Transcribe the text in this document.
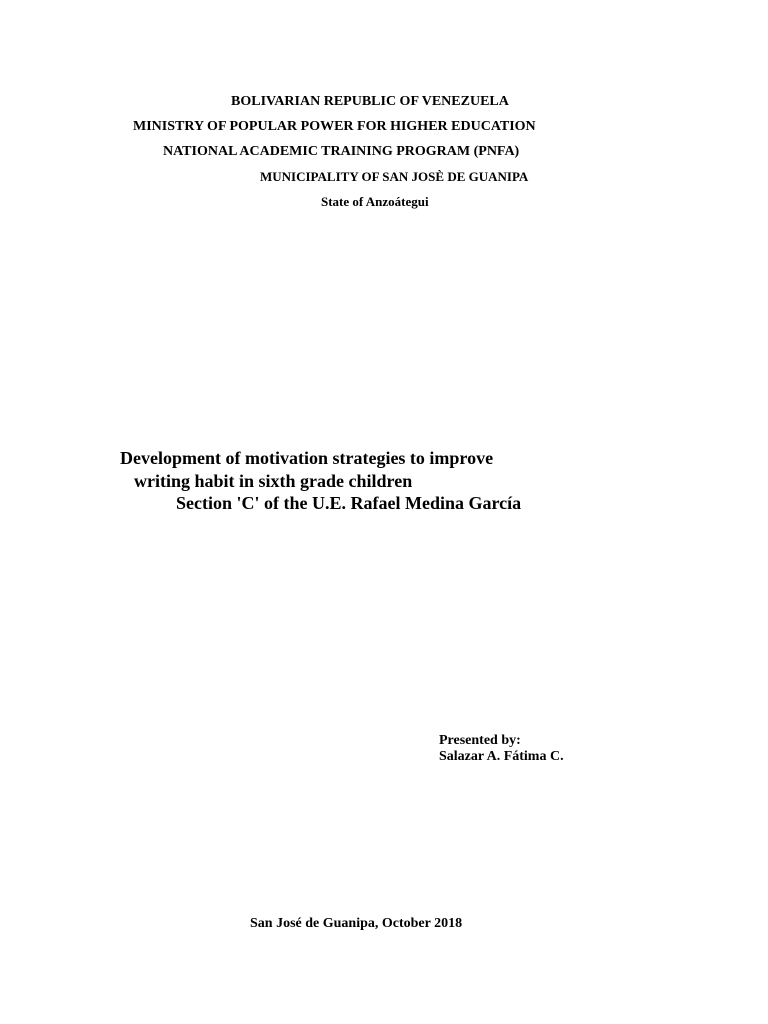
BOLIVARIAN REPUBLIC OF VENEZUELA

MINISTRY OF POPULAR POWER FOR HIGHER EDUCATION

NATIONAL ACADEMIC TRAINING PROGRAM (PNFA)

MUNICIPALITY OF SAN JOSÈ DE GUANIPA

State of Anzoátegui

Development of motivation strategies to improve

writing habit in sixth grade children

Section 'C' of the U.E. Rafael Medina García

Presented by:

Salazar A. Fátima C.

San José de Guanipa, October 2018
